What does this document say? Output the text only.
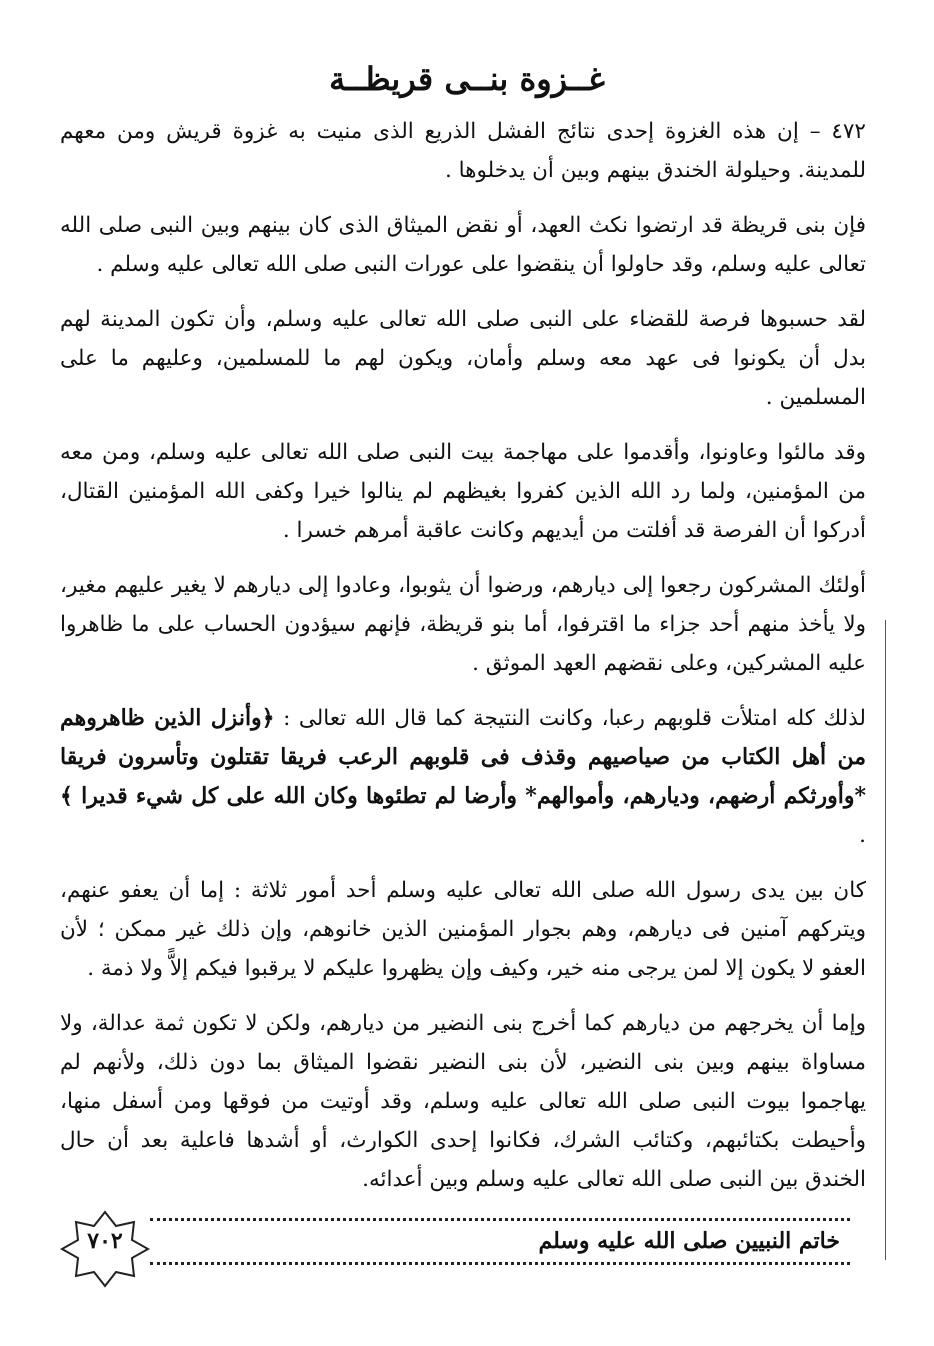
غــزوة بنــى قريظــة

٤٧٢ – إن هذه الغزوة إحدى نتائج الفشل الذريع الذى منيت به غزوة قريش ومن معهم للمدينة. وحيلولة الخندق بينهم وبين أن يدخلوها .

فإن بنى قريظة قد ارتضوا نكث العهد، أو نقض الميثاق الذى كان بينهم وبين النبى صلى الله تعالى عليه وسلم، وقد حاولوا أن ينقضوا على عورات النبى صلى الله تعالى عليه وسلم .

لقد حسبوها فرصة للقضاء على النبى صلى الله تعالى عليه وسلم، وأن تكون المدينة لهم بدل أن يكونوا فى عهد معه وسلم وأمان، ويكون لهم ما للمسلمين، وعليهم ما على المسلمين .

وقد مالئوا وعاونوا، وأقدموا على مهاجمة بيت النبى صلى الله تعالى عليه وسلم، ومن معه من المؤمنين، ولما رد الله الذين كفروا بغيظهم لم ينالوا خيرا وكفى الله المؤمنين القتال، أدركوا أن الفرصة قد أفلتت من أيديهم وكانت عاقبة أمرهم خسرا .

أولئك المشركون رجعوا إلى ديارهم، ورضوا أن يثوبوا، وعادوا إلى ديارهم لا يغير عليهم مغير، ولا يأخذ منهم أحد جزاء ما اقترفوا، أما بنو قريظة، فإنهم سيؤدون الحساب على ما ظاهروا عليه المشركين، وعلى نقضهم العهد الموثق .

لذلك كله امتلأت قلوبهم رعبا، وكانت النتيجة كما قال الله تعالى : ﴿وأنزل الذين ظاهروهم من أهل الكتاب من صياصيهم وقذف فى قلوبهم الرعب فريقا تقتلون وتأسرون فريقا *وأورثكم أرضهم، وديارهم، وأموالهم* وأرضا لم تطئوها وكان الله على كل شيء قديرا ﴾ .

كان بين يدى رسول الله صلى الله تعالى عليه وسلم أحد أمور ثلاثة : إما أن يعفو عنهم، ويتركهم آمنين فى ديارهم، وهم بجوار المؤمنين الذين خانوهم، وإن ذلك غير ممكن ؛ لأن العفو لا يكون إلا لمن يرجى منه خير، وكيف وإن يظهروا عليكم لا يرقبوا فيكم إلاًّ ولا ذمة .

وإما أن يخرجهم من ديارهم كما أخرج بنى النضير من ديارهم، ولكن لا تكون ثمة عدالة، ولا مساواة بينهم وبين بنى النضير، لأن بنى النضير نقضوا الميثاق بما دون ذلك، ولأنهم لم يهاجموا بيوت النبى صلى الله تعالى عليه وسلم، وقد أوتيت من فوقها ومن أسفل منها، وأحيطت بكتائبهم، وكتائب الشرك، فكانوا إحدى الكوارث، أو أشدها فاعلية بعد أن حال الخندق بين النبى صلى الله تعالى عليه وسلم وبين أعدائه.

خاتم النبيين صلى الله عليه وسلم
٧٠٢
